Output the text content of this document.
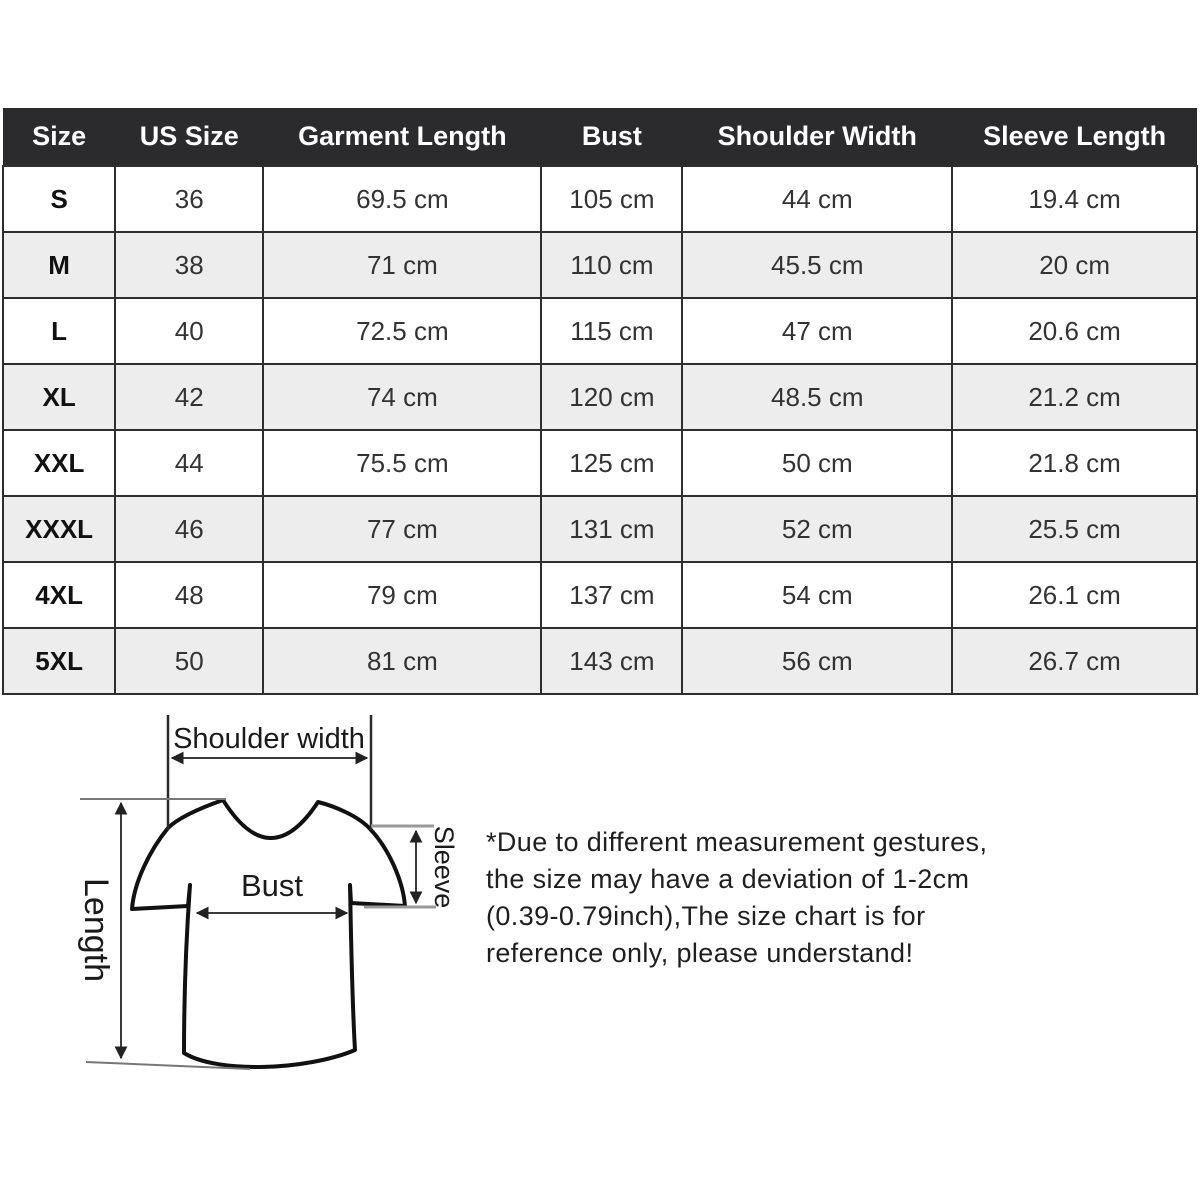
Size	US Size	Garment Length	Bust	Shoulder Width	Sleeve Length
S	36	69.5 cm	105 cm	44 cm	19.4 cm
M	38	71 cm	110 cm	45.5 cm	20 cm
L	40	72.5 cm	115 cm	47 cm	20.6 cm
XL	42	74 cm	120 cm	48.5 cm	21.2 cm
XXL	44	75.5 cm	125 cm	50 cm	21.8 cm
XXXL	46	77 cm	131 cm	52 cm	25.5 cm
4XL	48	79 cm	137 cm	54 cm	26.1 cm
5XL	50	81 cm	143 cm	56 cm	26.7 cm
Shoulder width
Length	Bust	Sleeve *Due to different measurement gestures,
the size may have a deviation of 1-2cm
(0.39-0.79inch),The size chart is for
reference only, please understand!
